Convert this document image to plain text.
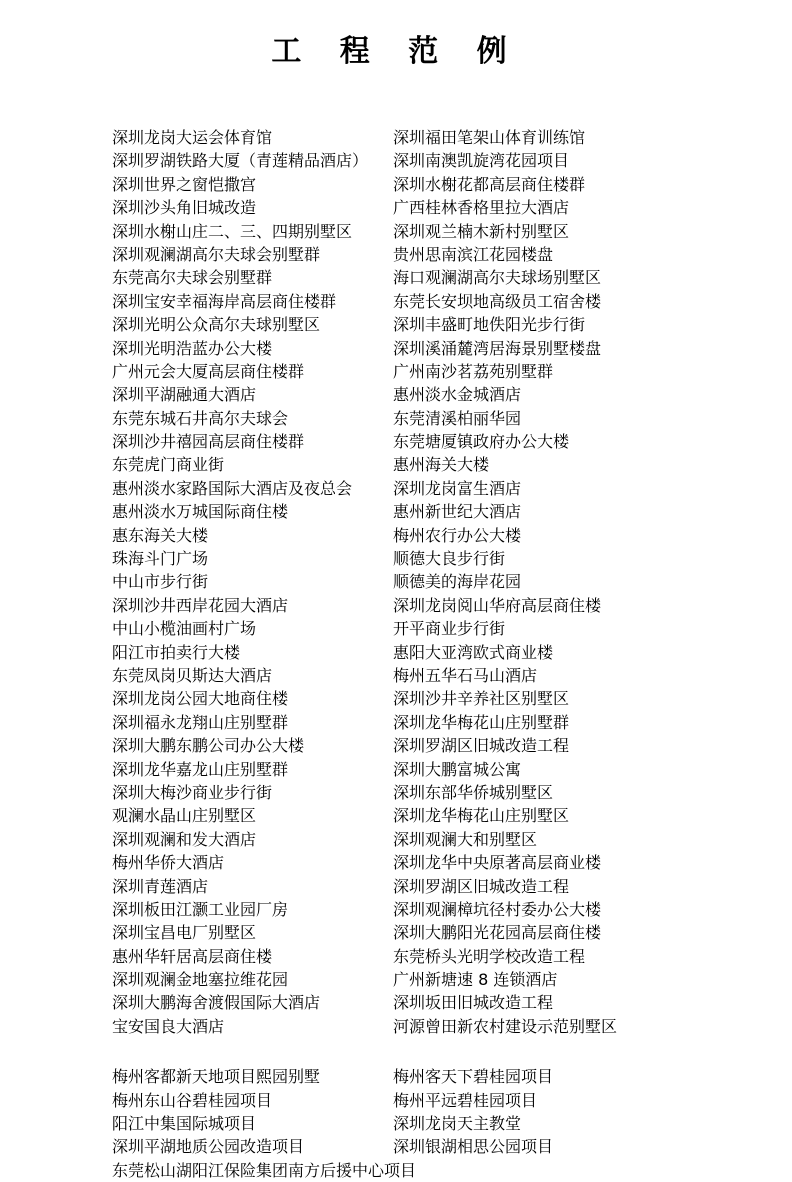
工 程 范 例
深圳龙岗大运会体育馆	深圳福田笔架山体育训练馆
深圳罗湖铁路大厦（青莲精品酒店）	深圳南澳凯旋湾花园项目
深圳世界之窗恺撒宫	深圳水榭花都高层商住楼群
深圳沙头角旧城改造	广西桂林香格里拉大酒店
深圳水榭山庄二、三、四期别墅区	深圳观兰楠木新村别墅区
深圳观澜湖高尔夫球会别墅群	贵州思南滨江花园楼盘
东莞高尔夫球会别墅群	海口观澜湖高尔夫球场别墅区
深圳宝安幸福海岸高层商住楼群	东莞长安坝地高级员工宿舍楼
深圳光明公众高尔夫球别墅区	深圳丰盛町地佚阳光步行街
深圳光明浩蓝办公大楼	深圳溪涌麓湾居海景别墅楼盘
广州元会大厦高层商住楼群	广州南沙茗荔苑别墅群
深圳平湖融通大酒店	惠州淡水金城酒店
东莞东城石井高尔夫球会	东莞清溪柏丽华园
深圳沙井禧园高层商住楼群	东莞塘厦镇政府办公大楼
东莞虎门商业街	惠州海关大楼
惠州淡水家路国际大酒店及夜总会	深圳龙岗富生酒店
惠州淡水万城国际商住楼	惠州新世纪大酒店
惠东海关大楼	梅州农行办公大楼
珠海斗门广场	顺德大良步行街
中山市步行街	顺德美的海岸花园
深圳沙井西岸花园大酒店	深圳龙岗阅山华府高层商住楼
中山小榄油画村广场	开平商业步行街
阳江市拍卖行大楼	惠阳大亚湾欧式商业楼
东莞凤岗贝斯达大酒店	梅州五华石马山酒店
深圳龙岗公园大地商住楼	深圳沙井辛养社区别墅区
深圳福永龙翔山庄别墅群	深圳龙华梅花山庄别墅群
深圳大鹏东鹏公司办公大楼	深圳罗湖区旧城改造工程
深圳龙华嘉龙山庄别墅群	深圳大鹏富城公寓
深圳大梅沙商业步行街	深圳东部华侨城别墅区
观澜水晶山庄别墅区	深圳龙华梅花山庄别墅区
深圳观澜和发大酒店	深圳观澜大和别墅区
梅州华侨大酒店	深圳龙华中央原著高层商业楼
深圳青莲酒店	深圳罗湖区旧城改造工程
深圳板田江灏工业园厂房	深圳观澜樟坑径村委办公大楼
深圳宝昌电厂别墅区	深圳大鹏阳光花园高层商住楼
惠州华轩居高层商住楼	东莞桥头光明学校改造工程
深圳观澜金地塞拉维花园	广州新塘速 8 连锁酒店
深圳大鹏海舍渡假国际大酒店	深圳坂田旧城改造工程
宝安国良大酒店	河源曾田新农村建设示范别墅区
梅州客都新天地项目熙园别墅	梅州客天下碧桂园项目
梅州东山谷碧桂园项目	梅州平远碧桂园项目
阳江中集国际城项目	深圳龙岗天主教堂
深圳平湖地质公园改造项目	深圳银湖相思公园项目
东莞松山湖阳江保险集团南方后援中心项目
